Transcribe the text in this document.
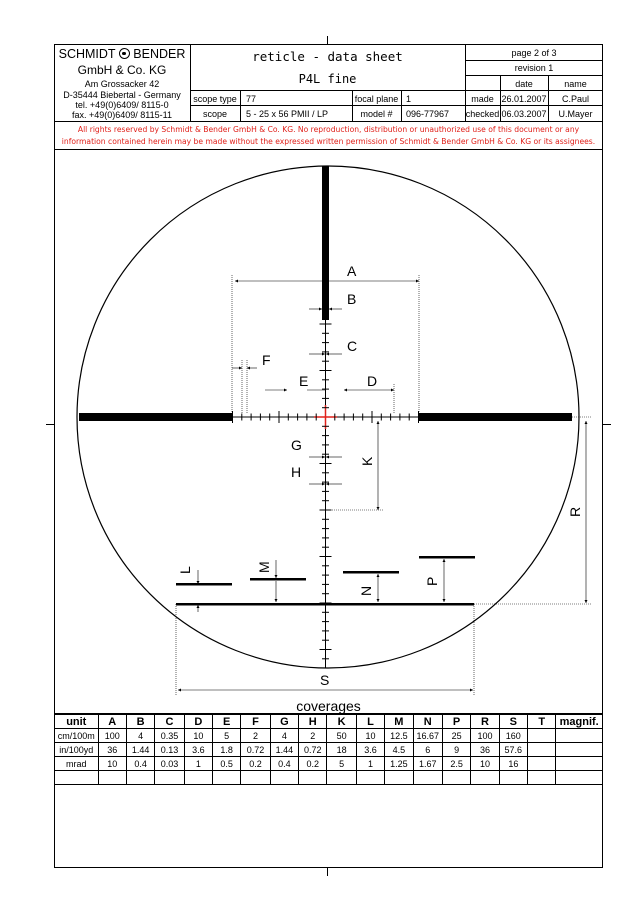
SCHMIDT BENDER
GmbH & Co. KG
Am Grossacker 42
D-35444 Biebertal - Germany
tel. +49(0)6409/ 8115-0
fax. +49(0)6409/ 8115-11
reticle - data sheet
P4L fine
page 2 of 3
revision 1
date	name
made 26.01.2007	C.Paul
checked 06.03.2007	U.Mayer
scope type	77	focal plane 1
scope	5 - 25 x 56 PMII / LP	model #	096-77967
All rights reserved by Schmidt & Bender GmbH & Co. KG. No reproduction, distribution or unauthorized use of this document or any
information contained herein may be made without the expressed written permission of Schmidt & Bender GmbH & Co. KG or its assignees.
A
B
C
D
E
F
G
H
K
L	M
N
P
R
S
coverages
unit	A	B	C	D	E	F	G	H	K	L	M	N	P	R	S	T	magnif.
cm/100m	100	4	0.35	10	5	2	4	2	50	10	12.5	16.67	25	100	160		
in/100yd	36	1.44	0.13	3.6	1.8	0.72	1.44	0.72	18	3.6	4.5	6	9	36	57.6		
mrad	10	0.4	0.03	1	0.5	0.2	0.4	0.2	5	1	1.25	1.67	2.5	10	16		
